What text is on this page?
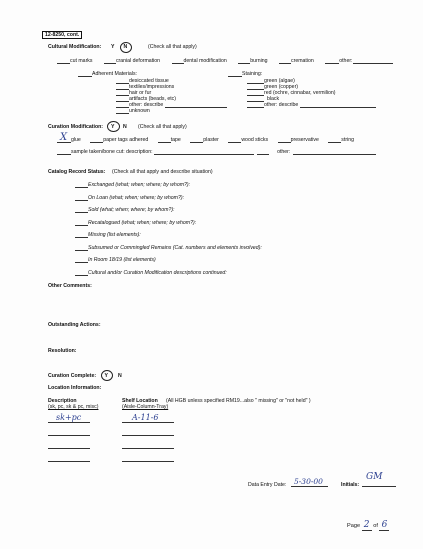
12-8250, cont.
Cultural Modification: Y N	(Check all that apply)
cut marks	cranial deformation	dental modification	burning	cremation	other:
Adherent Materials:
desiccated tissue
textiles/impressions
hair or fur
artifacts (beads, etc)
other: describe
unknown
Staining:
green (algae)
green (copper)
red (ochre, cinnabar, vermilion)
black
other: describe
Curation Modification: Y N (Check all that apply)
X glue	paper tags adhered	tape	plaster	wood sticks	preservative	string
sample taken/bone cut: description:	other:
Catalog Record Status: (Check all that apply and describe situation)
Exchanged (what; when; where; by whom?):
On Loan (what; when; where; by whom?):
Sold (what; when; where; by whom?):
Recatalogued (what; when; where; by whom?):
Missing (list elements):
Subsumed or Commingled Remains (Cat. numbers and elements involved):
In Room 18/19 (list elements)
Cultural and/or Curation Modification descriptions continued:
Other Comments:
Outstanding Actions:
Resolution:
Curation Complete: Y N
Location Information:
Description
(sk, pc, sk & pc, misc)
Shelf Location (All HGB unless specified RM19...also " missing" or "not held" )
(Aisle-Column-Tray)
sk+pc	A-11-6
Data Entry Date: 5-30-00	Initials:
GM
Page 2 of 6
